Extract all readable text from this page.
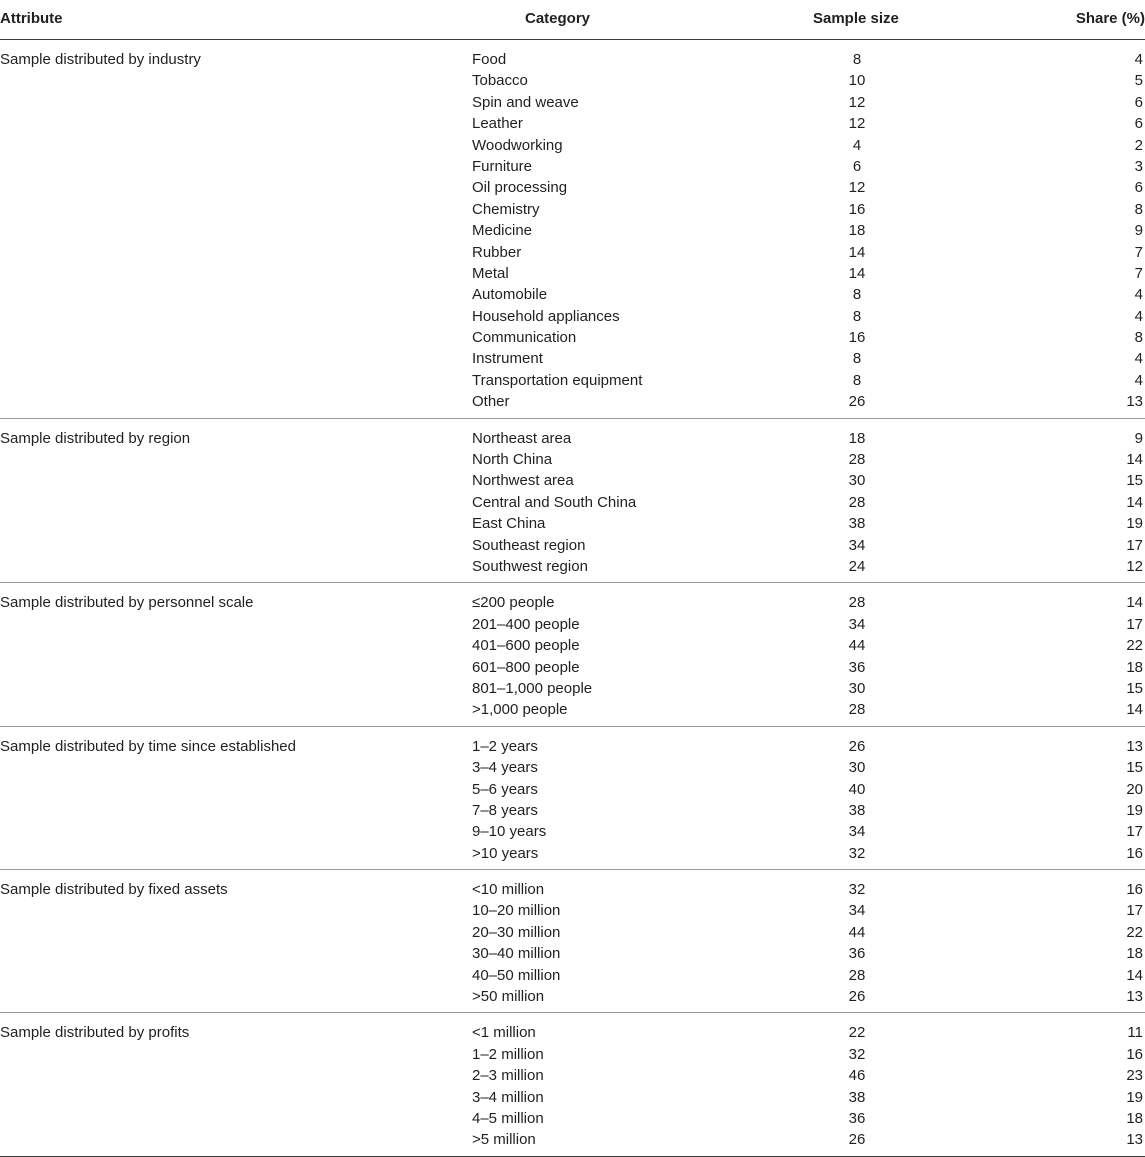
Attribute	Category	Sample size	Share (%)
Sample distributed by industry	Food	8	4
Tobacco	10	5
Spin and weave	12	6
Leather	12	6
Woodworking	4	2
Furniture	6	3
Oil processing	12	6
Chemistry	16	8
Medicine	18	9
Rubber	14	7
Metal	14	7
Automobile	8	4
Household appliances	8	4
Communication	16	8
Instrument	8	4
Transportation equipment	8	4
Other	26	13
Sample distributed by region	Northeast area	18	9
North China	28	14
Northwest area	30	15
Central and South China	28	14
East China	38	19
Southeast region	34	17
Southwest region	24	12
Sample distributed by personnel scale	≤200 people	28	14
201–400 people	34	17
401–600 people	44	22
601–800 people	36	18
801–1,000 people	30	15
>1,000 people	28	14
Sample distributed by time since established	1–2 years	26	13
3–4 years	30	15
5–6 years	40	20
7–8 years	38	19
9–10 years	34	17
>10 years	32	16
Sample distributed by fixed assets	<10 million	32	16
10–20 million	34	17
20–30 million	44	22
30–40 million	36	18
40–50 million	28	14
>50 million	26	13
Sample distributed by profits	<1 million	22	11
1–2 million	32	16
2–3 million	46	23
3–4 million	38	19
4–5 million	36	18
>5 million	26	13
